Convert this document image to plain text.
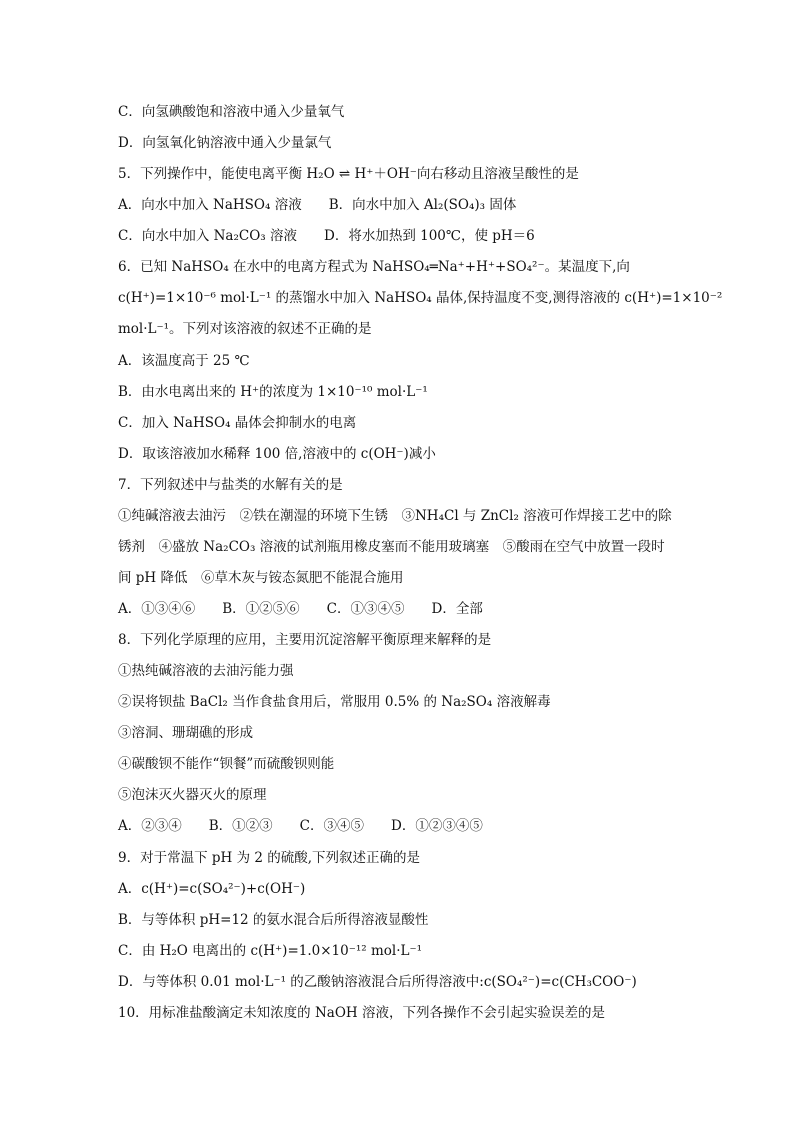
C．向氢碘酸饱和溶液中通入少量氧气
D．向氢氧化钠溶液中通入少量氯气
5．下列操作中，能使电离平衡 H₂O ⇌ H⁺＋OH⁻向右移动且溶液呈酸性的是
A．向水中加入 NaHSO₄ 溶液　　B．向水中加入 Al₂(SO₄)₃ 固体
C．向水中加入 Na₂CO₃ 溶液　　D．将水加热到 100℃，使 pH＝6
6．已知 NaHSO₄ 在水中的电离方程式为 NaHSO₄═Na⁺+H⁺+SO₄²⁻。某温度下,向
c(H⁺)=1×10⁻⁶ mol·L⁻¹ 的蒸馏水中加入 NaHSO₄ 晶体,保持温度不变,测得溶液的 c(H⁺)=1×10⁻²
mol·L⁻¹。下列对该溶液的叙述不正确的是
A．该温度高于 25 ℃
B．由水电离出来的 H⁺的浓度为 1×10⁻¹⁰ mol·L⁻¹
C．加入 NaHSO₄ 晶体会抑制水的电离
D．取该溶液加水稀释 100 倍,溶液中的 c(OH⁻)减小
7．下列叙述中与盐类的水解有关的是
①纯碱溶液去油污　②铁在潮湿的环境下生锈　③NH₄Cl 与 ZnCl₂ 溶液可作焊接工艺中的除
锈剂　④盛放 Na₂CO₃ 溶液的试剂瓶用橡皮塞而不能用玻璃塞　⑤酸雨在空气中放置一段时
间 pH 降低　⑥草木灰与铵态氮肥不能混合施用
A．①③④⑥　　B．①②⑤⑥　　C．①③④⑤　　D．全部
8．下列化学原理的应用，主要用沉淀溶解平衡原理来解释的是
①热纯碱溶液的去油污能力强
②误将钡盐 BaCl₂ 当作食盐食用后，常服用 0.5% 的 Na₂SO₄ 溶液解毒
③溶洞、珊瑚礁的形成
④碳酸钡不能作“钡餐”而硫酸钡则能
⑤泡沫灭火器灭火的原理
A．②③④　　B．①②③　　C．③④⑤　　D．①②③④⑤
9．对于常温下 pH 为 2 的硫酸,下列叙述正确的是
A．c(H⁺)=c(SO₄²⁻)+c(OH⁻)
B．与等体积 pH=12 的氨水混合后所得溶液显酸性
C．由 H₂O 电离出的 c(H⁺)=1.0×10⁻¹² mol·L⁻¹
D．与等体积 0.01 mol·L⁻¹ 的乙酸钠溶液混合后所得溶液中:c(SO₄²⁻)=c(CH₃COO⁻)
10．用标准盐酸滴定未知浓度的 NaOH 溶液，下列各操作不会引起实验误差的是
